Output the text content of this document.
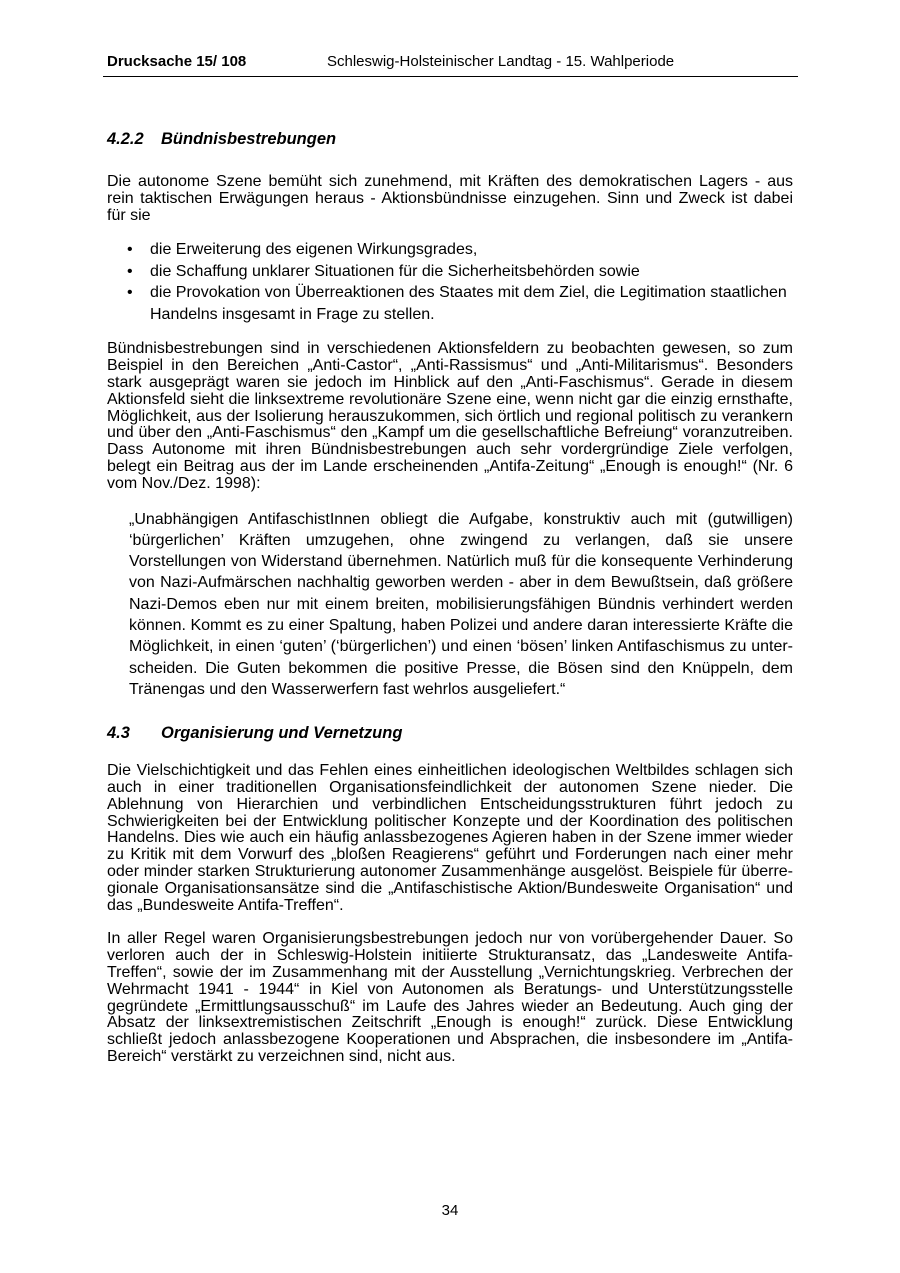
Drucksache 15/ 108	Schleswig-Holsteinischer Landtag - 15. Wahlperiode
4.2.2 Bündnisbestrebungen

Die autonome Szene bemüht sich zunehmend, mit Kräften des demokratischen Lagers - aus rein taktischen Erwägungen heraus - Aktionsbündnisse einzugehen. Sinn und Zweck ist dabei für sie

• die Erweiterung des eigenen Wirkungsgrades,
• die Schaffung unklarer Situationen für die Sicherheitsbehörden sowie
• die Provokation von Überreaktionen des Staates mit dem Ziel, die Legitimation staatlichen Handelns insgesamt in Frage zu stellen.

Bündnisbestrebungen sind in verschiedenen Aktionsfeldern zu beobachten gewesen, so zum Beispiel in den Bereichen „Anti-Castor“, „Anti-Rassismus“ und „Anti-Militarismus“. Besonders stark ausgeprägt waren sie jedoch im Hinblick auf den „Anti-Faschismus“. Gerade in diesem Aktionsfeld sieht die linksextreme revolutionäre Szene eine, wenn nicht gar die einzig ernsthafte, Möglichkeit, aus der Isolierung herauszukommen, sich örtlich und regional politisch zu verankern und über den „Anti-Faschismus“ den „Kampf um die gesellschaftliche Befreiung“ voranzutreiben. Dass Autonome mit ihren Bündnisbestrebungen auch sehr vordergründige Ziele verfolgen, belegt ein Beitrag aus der im Lande erscheinenden „Antifa-Zeitung“ „Enough is enough!“ (Nr. 6 vom Nov./Dez. 1998):

„Unabhängigen AntifaschistInnen obliegt die Aufgabe, konstruktiv auch mit (gutwilligen) ‘bürgerlichen’ Kräften umzugehen, ohne zwingend zu verlangen, daß sie unsere Vorstellungen von Widerstand übernehmen. Natürlich muß für die konsequente Verhinderung von Nazi-Aufmärschen nachhaltig geworben werden - aber in dem Bewußtsein, daß größere Nazi-Demos eben nur mit einem breiten, mobilisierungsfähigen Bündnis verhindert werden können. Kommt es zu einer Spaltung, haben Polizei und andere daran interessierte Kräfte die Möglichkeit, in einen ‘guten’ (‘bürgerlichen’) und einen ‘bösen’ linken Antifaschismus zu unterscheiden. Die Guten bekommen die positive Presse, die Bösen sind den Knüppeln, dem Tränengas und den Wasserwerfern fast wehrlos ausgeliefert.“
4.3 Organisierung und Vernetzung

Die Vielschichtigkeit und das Fehlen eines einheitlichen ideologischen Weltbildes schlagen sich auch in einer traditionellen Organisationsfeindlichkeit der autonomen Szene nieder. Die Ablehnung von Hierarchien und verbindlichen Entscheidungsstrukturen führt jedoch zu Schwierigkeiten bei der Entwicklung politischer Konzepte und der Koordination des politischen Handelns. Dies wie auch ein häufig anlassbezogenes Agieren haben in der Szene immer wieder zu Kritik mit dem Vorwurf des „bloßen Reagierens“ geführt und Forderungen nach einer mehr oder minder starken Strukturierung autonomer Zusammenhänge ausgelöst. Beispiele für überregionale Organisationsansätze sind die „Antifaschistische Aktion/Bundesweite Organisation“ und das „Bundesweite Antifa-Treffen“.

In aller Regel waren Organisierungsbestrebungen jedoch nur von vorübergehender Dauer. So verloren auch der in Schleswig-Holstein initiierte Strukturansatz, das „Landesweite Antifa-Treffen“, sowie der im Zusammenhang mit der Ausstellung „Vernichtungskrieg. Verbrechen der Wehrmacht 1941 - 1944“ in Kiel von Autonomen als Beratungs- und Unterstützungsstelle gegründete „Ermittlungsausschuß“ im Laufe des Jahres wieder an Bedeutung. Auch ging der Absatz der linksextremistischen Zeitschrift „Enough is enough!“ zurück. Diese Entwicklung schließt jedoch anlassbezogene Kooperationen und Absprachen, die insbesondere im „Antifa-Bereich“ verstärkt zu verzeichnen sind, nicht aus.

34
